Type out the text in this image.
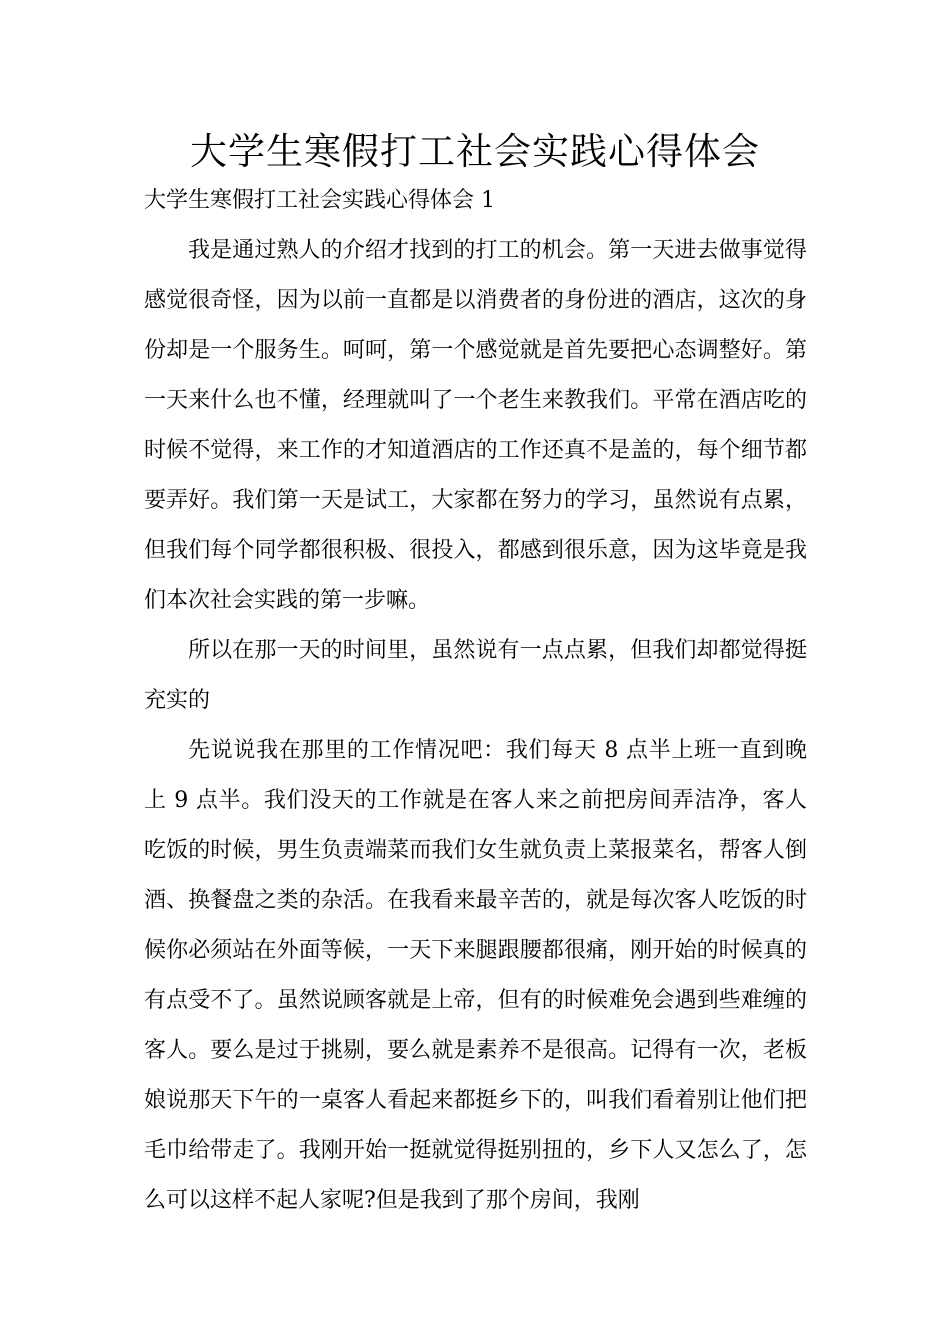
大学生寒假打工社会实践心得体会

大学生寒假打工社会实践心得体会 1

我是通过熟人的介绍才找到的打工的机会。第一天进去做事觉得感觉很奇怪，因为以前一直都是以消费者的身份进的酒店，这次的身份却是一个服务生。呵呵，第一个感觉就是首先要把心态调整好。第一天来什么也不懂，经理就叫了一个老生来教我们。平常在酒店吃的时候不觉得，来工作的才知道酒店的工作还真不是盖的，每个细节都要弄好。我们第一天是试工，大家都在努力的学习，虽然说有点累，但我们每个同学都很积极、很投入，都感到很乐意，因为这毕竟是我们本次社会实践的第一步嘛。

所以在那一天的时间里，虽然说有一点点累，但我们却都觉得挺充实的

先说说我在那里的工作情况吧：我们每天 8 点半上班一直到晚上 9 点半。我们没天的工作就是在客人来之前把房间弄洁净，客人吃饭的时候，男生负责端菜而我们女生就负责上菜报菜名，帮客人倒酒、换餐盘之类的杂活。在我看来最辛苦的，就是每次客人吃饭的时候你必须站在外面等候，一天下来腿跟腰都很痛，刚开始的时候真的有点受不了。虽然说顾客就是上帝，但有的时候难免会遇到些难缠的客人。要么是过于挑剔，要么就是素养不是很高。记得有一次，老板娘说那天下午的一桌客人看起来都挺乡下的，叫我们看着别让他们把毛巾给带走了。我刚开始一挺就觉得挺别扭的，乡下人又怎么了，怎么可以这样不起人家呢?但是我到了那个房间，我刚
